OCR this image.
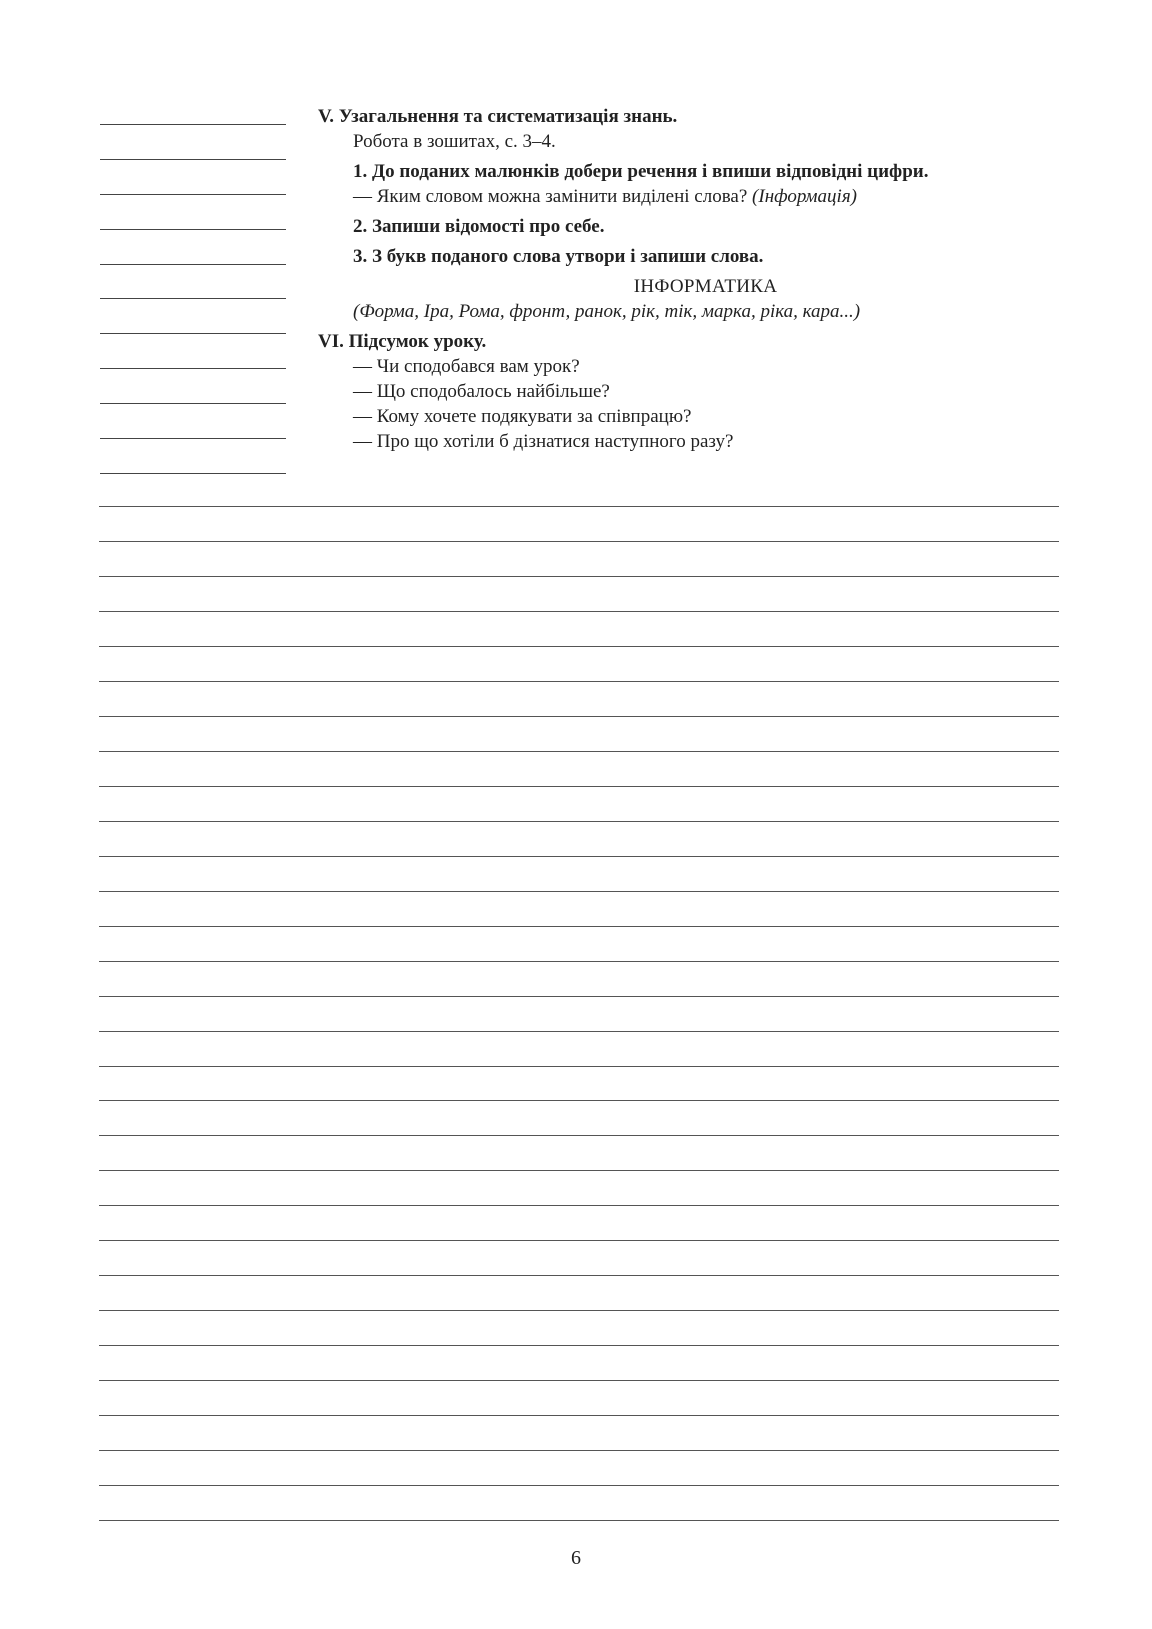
V. Узагальнення та систематизація знань.

Робота в зошитах, с. 3–4.

1. До поданих малюнків добери речення і впиши відповідні цифри.

— Яким словом можна замінити виділені слова? (Інформація)

2. Запиши відомості про себе.

3. З букв поданого слова утвори і запиши слова.

ІНФОРМАТИКА

(Форма, Іра, Рома, фронт, ранок, рік, тік, марка, ріка, кара...)

VI. Підсумок уроку.

— Чи сподобався вам урок?

— Що сподобалось найбільше?

— Кому хочете подякувати за співпрацю?

— Про що хотіли б дізнатися наступного разу?

6
